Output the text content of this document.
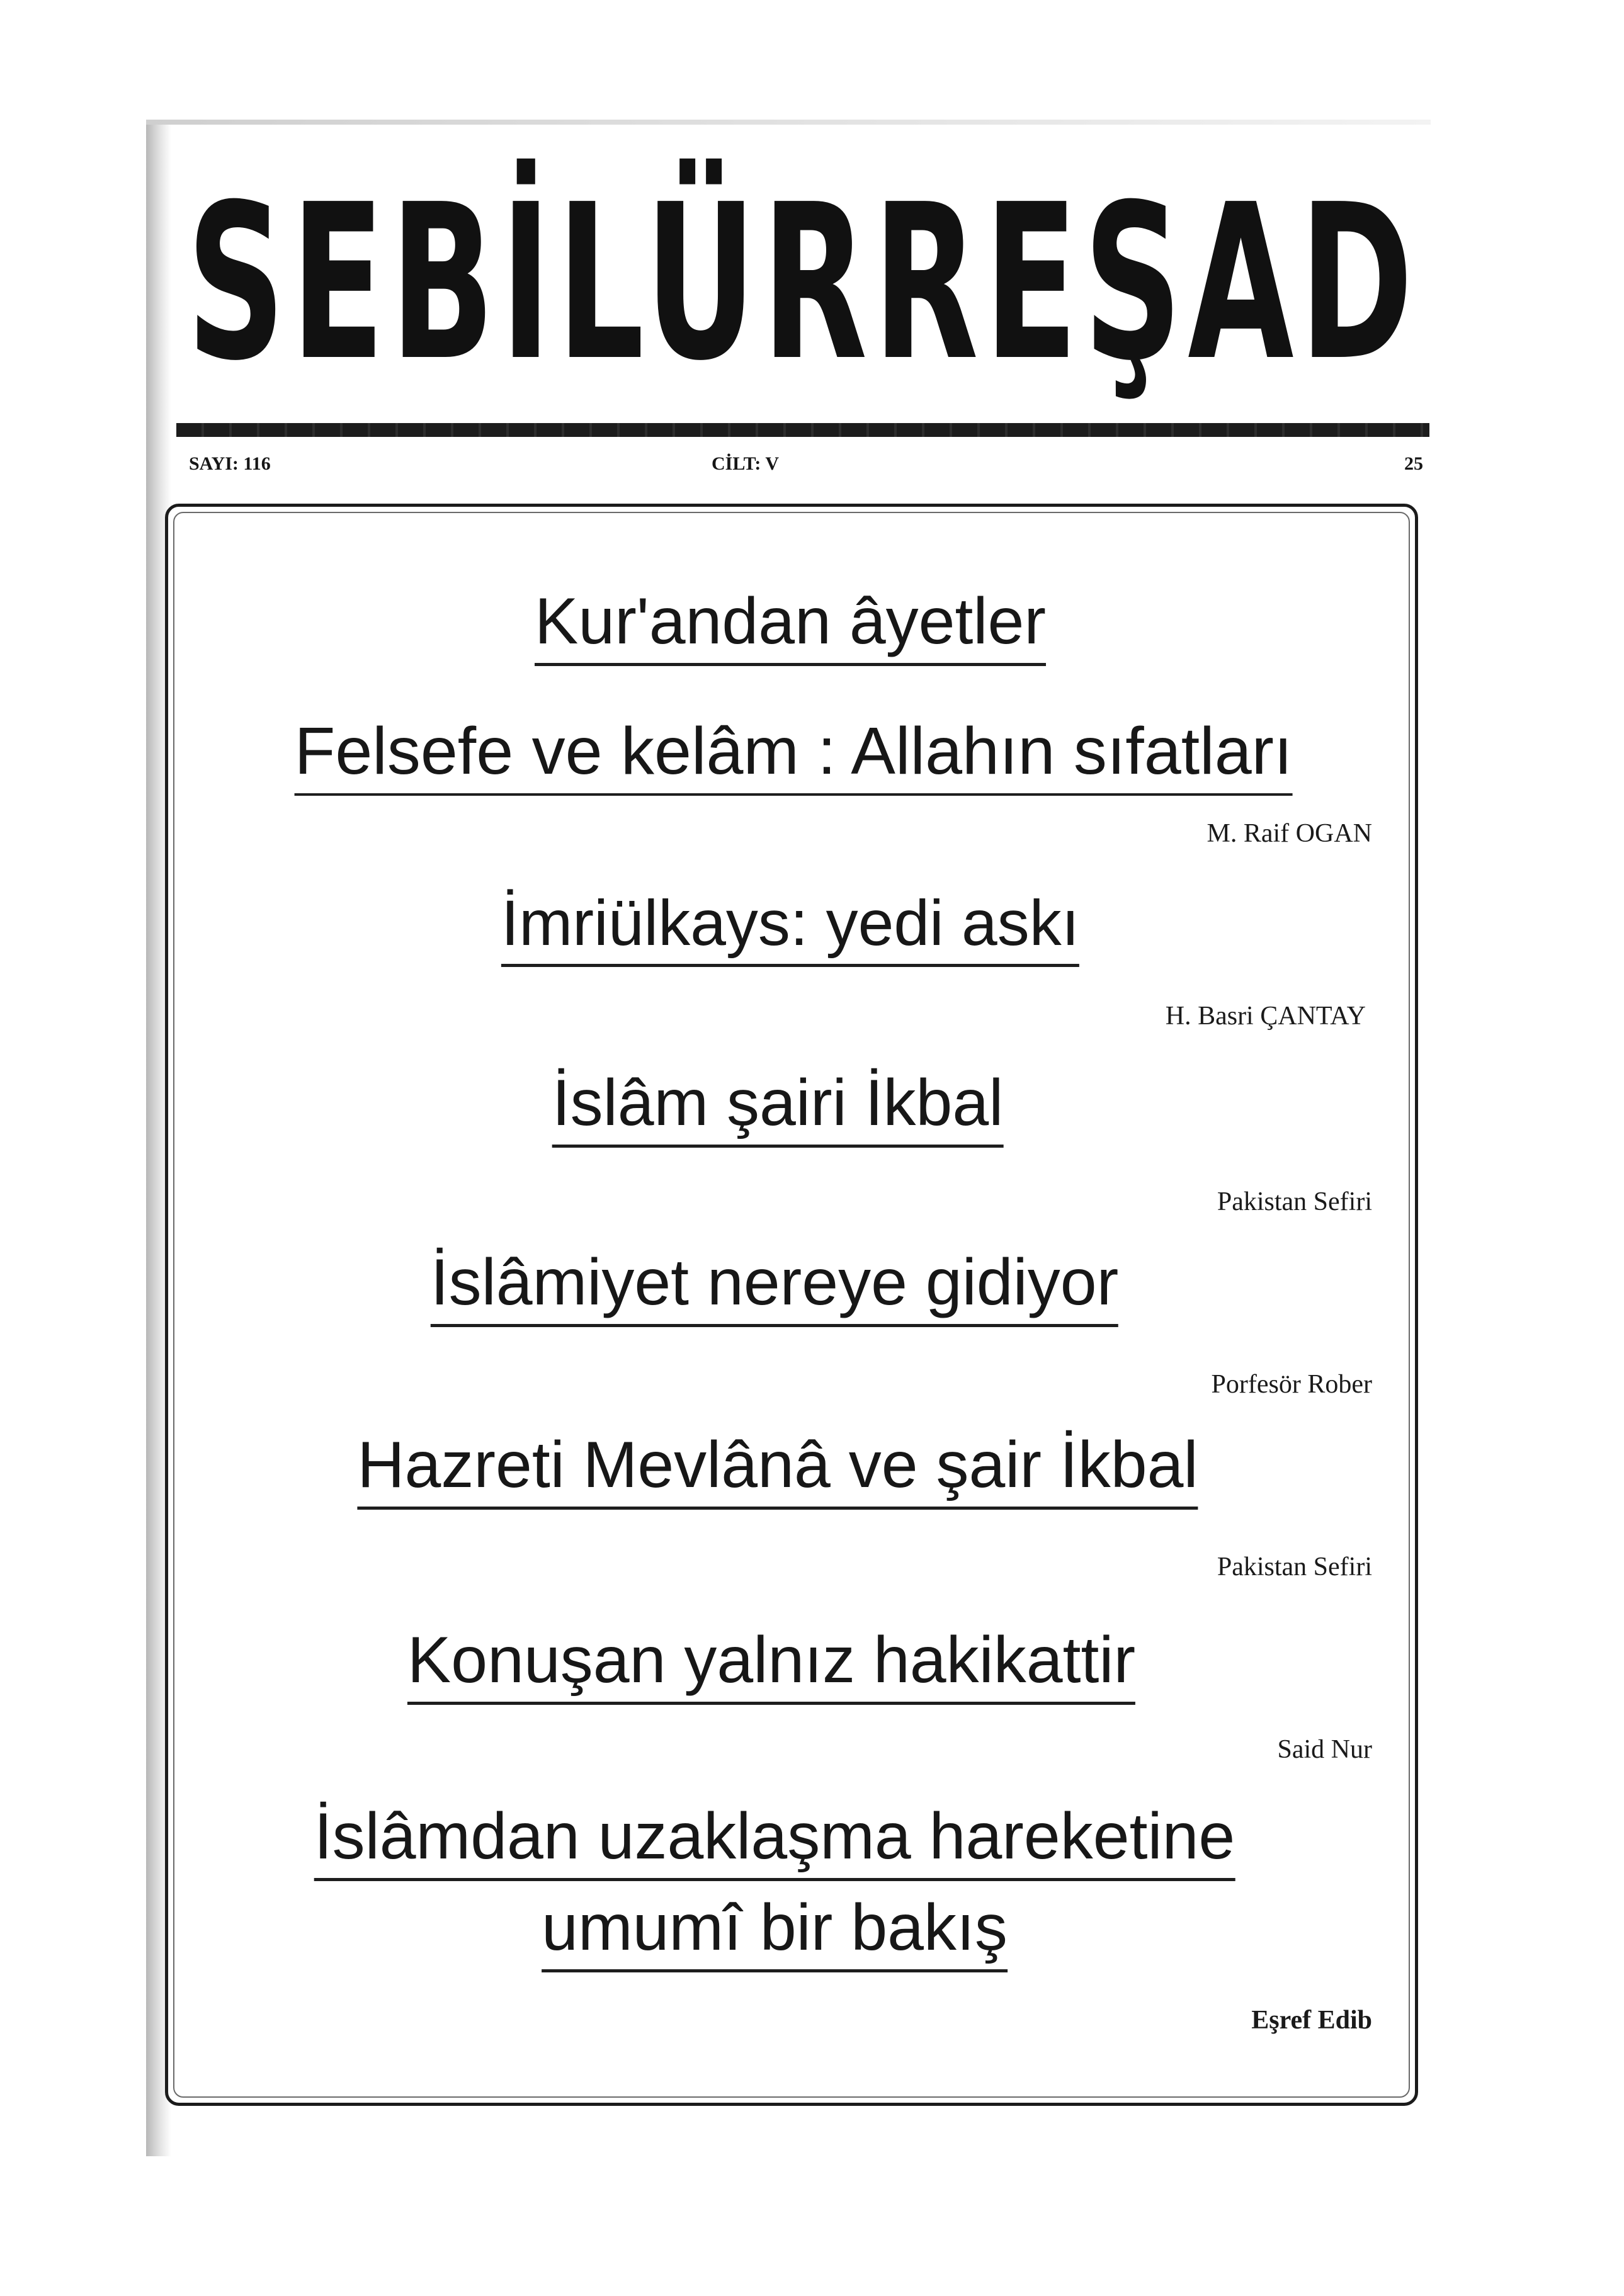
SEBİLÜRREŞAD
SAYI: 116	CİLT: V	25
Kur'andan âyetler
Felsefe ve kelâm : Allahın sıfatları
M. Raif OGAN
İmriülkays: yedi askı
H. Basri ÇANTAY
İslâm şairi İkbal
Pakistan Sefiri
İslâmiyet nereye gidiyor
Porfesör Rober
Hazreti Mevlânâ ve şair İkbal
Pakistan Sefiri
Konuşan yalnız hakikattir
Said Nur
İslâmdan uzaklaşma hareketine
umumî bir bakış
Eşref Edib
